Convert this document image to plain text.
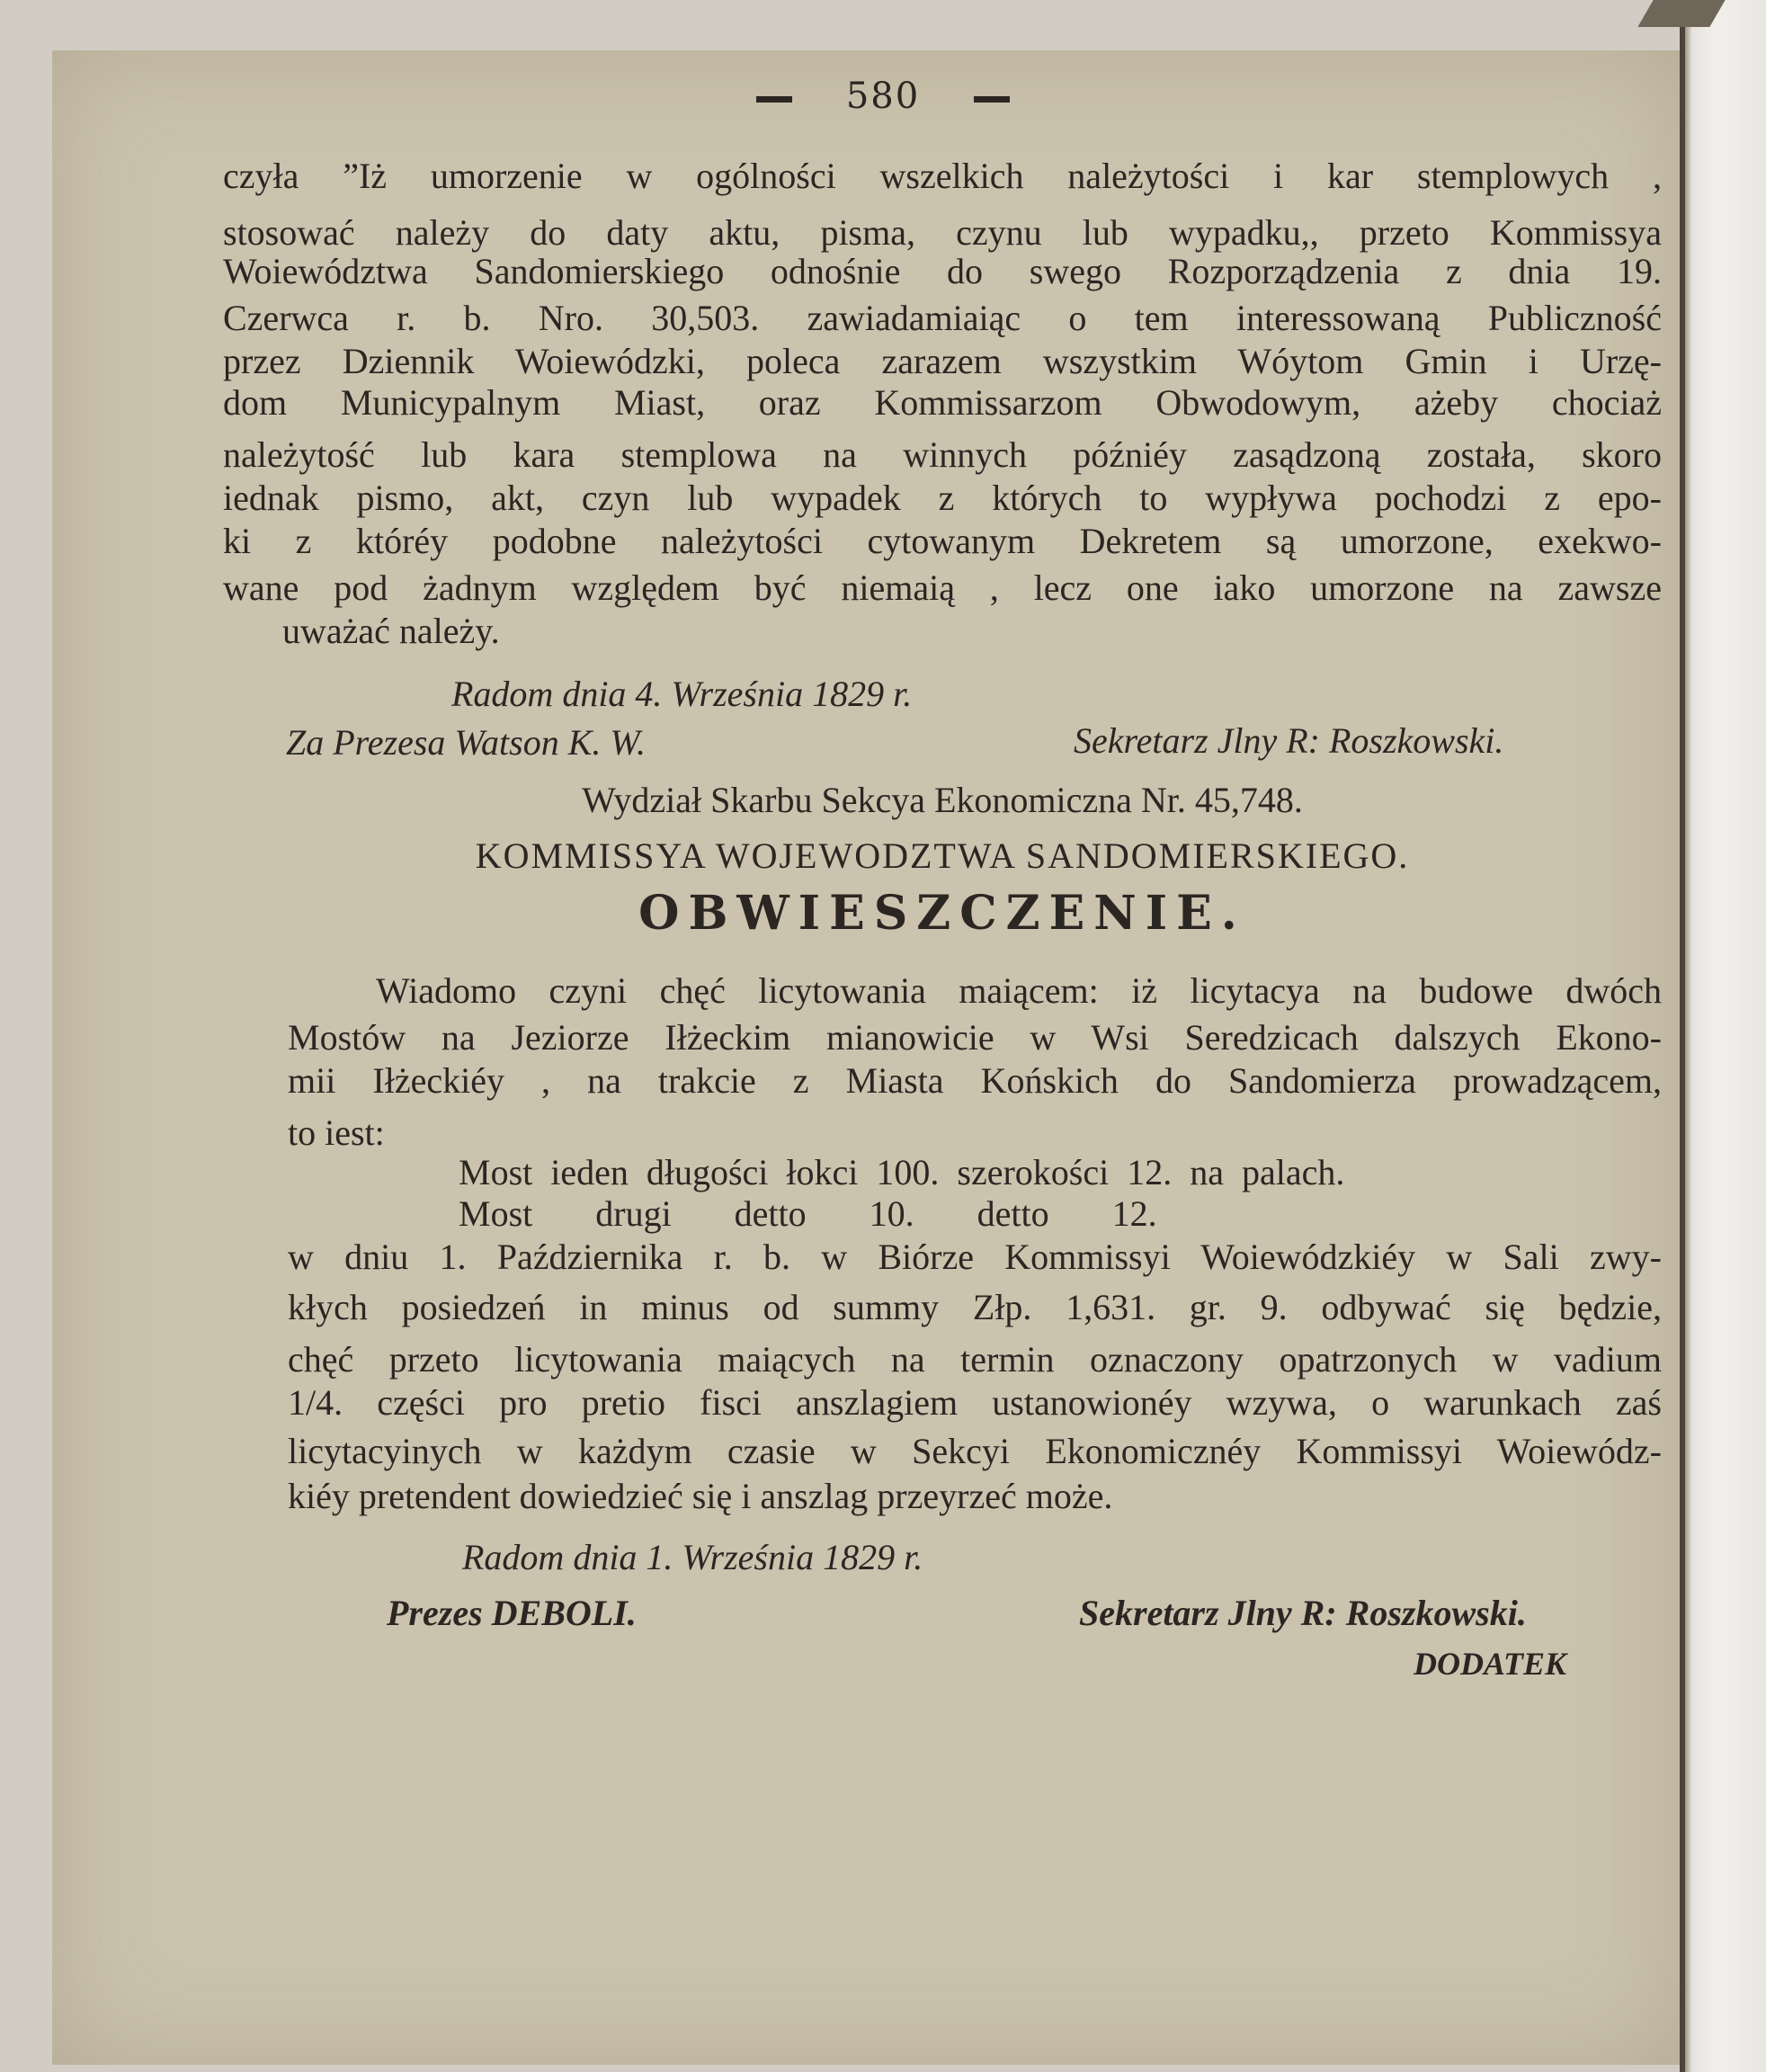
580
czyła ”Iż umorzenie w ogólności wszelkich należytości i kar stemplowych ,
stosować należy do daty aktu, pisma, czynu lub wypadku,, przeto Kommissya
Woiewództwa Sandomierskiego odnośnie do swego Rozporządzenia z dnia 19.
Czerwca r. b. Nro. 30,503. zawiadamiaiąc o tem interessowaną Publiczność
przez Dziennik Woiewódzki, poleca zarazem wszystkim Wóytom Gmin i Urzę-
dom Municypalnym Miast, oraz Kommissarzom Obwodowym, ażeby chociaż
należytość lub kara stemplowa na winnych późniéy zasądzoną została, skoro
iednak pismo, akt, czyn lub wypadek z których to wypływa pochodzi z epo-
ki z któréy podobne należytości cytowanym Dekretem są umorzone, exekwo-
wane pod żadnym względem być niemaią , lecz one iako umorzone na zawsze
uważać należy.
Radom dnia 4. Września 1829 r.
Za Prezesa Watson K. W.	Sekretarz Jlny R: Roszkowski.
Wydział Skarbu Sekcya Ekonomiczna Nr. 45,748.
KOMMISSYA WOJEWODZTWA SANDOMIERSKIEGO.
OBWIESZCZENIE.
Wiadomo czyni chęć licytowania maiącem: iż licytacya na budowe dwóch
Mostów na Jeziorze Iłżeckim mianowicie w Wsi Seredzicach dalszych Ekono-
mii Iłżeckiéy , na trakcie z Miasta Końskich do Sandomierza prowadzącem,
to iest:
Most ieden długości łokci 100. szerokości 12. na palach.
Most drugi detto 10. detto 12.
w dniu 1. Października r. b. w Biórze Kommissyi Woiewódzkiéy w Sali zwy-
kłych posiedzeń in minus od summy Złp. 1,631. gr. 9. odbywać się będzie,
chęć przeto licytowania maiących na termin oznaczony opatrzonych w vadium
1/4. części pro pretio fisci anszlagiem ustanowionéy wzywa, o warunkach zaś
licytacyinych w każdym czasie w Sekcyi Ekonomicznéy Kommissyi Woiewódz-
kiéy pretendent dowiedzieć się i anszlag przeyrzeć może.
Radom dnia 1. Września 1829 r.
Prezes DEBOLI.	Sekretarz Jlny R: Roszkowski.
DODATEK
